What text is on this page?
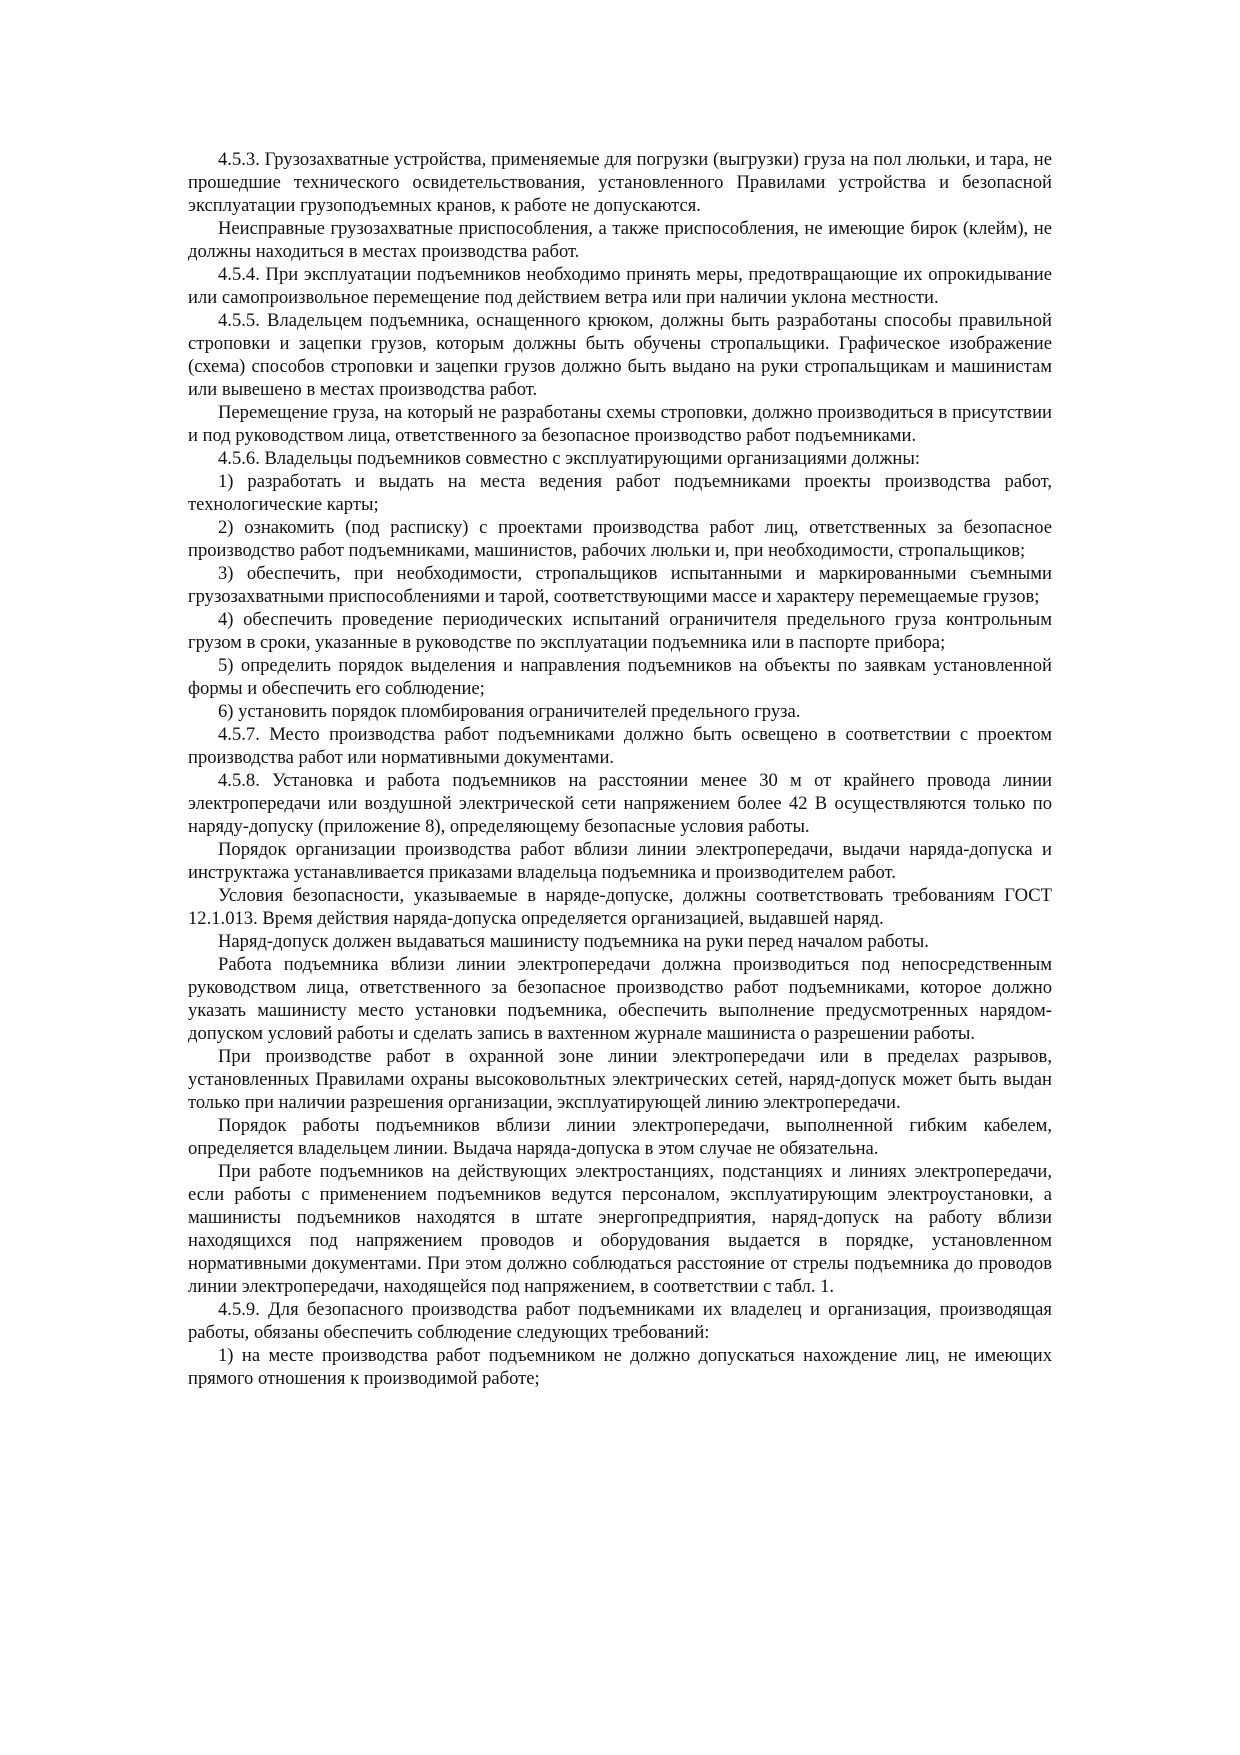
4.5.3. Грузозахватные устройства, применяемые для погрузки (выгрузки) груза на пол люльки, и тара, не прошедшие технического освидетельствования, установленного Правилами устройства и безопасной эксплуатации грузоподъемных кранов, к работе не допускаются.

Неисправные грузозахватные приспособления, а также приспособления, не имеющие бирок (клейм), не должны находиться в местах производства работ.

4.5.4. При эксплуатации подъемников необходимо принять меры, предотвращающие их опрокидывание или самопроизвольное перемещение под действием ветра или при наличии уклона местности.

4.5.5. Владельцем подъемника, оснащенного крюком, должны быть разработаны способы правильной строповки и зацепки грузов, которым должны быть обучены стропальщики. Графическое изображение (схема) способов строповки и зацепки грузов должно быть выдано на руки стропальщикам и машинистам или вывешено в местах производства работ.

Перемещение груза, на который не разработаны схемы строповки, должно производиться в присутствии и под руководством лица, ответственного за безопасное производство работ подъемниками.

4.5.6. Владельцы подъемников совместно с эксплуатирующими организациями должны:

1) разработать и выдать на места ведения работ подъемниками проекты производства работ, технологические карты;

2) ознакомить (под расписку) с проектами производства работ лиц, ответственных за безопасное производство работ подъемниками, машинистов, рабочих люльки и, при необходимости, стропальщиков;

3) обеспечить, при необходимости, стропальщиков испытанными и маркированными съемными грузозахватными приспособлениями и тарой, соответствующими массе и характеру перемещаемые грузов;

4) обеспечить проведение периодических испытаний ограничителя предельного груза контрольным грузом в сроки, указанные в руководстве по эксплуатации подъемника или в паспорте прибора;

5) определить порядок выделения и направления подъемников на объекты по заявкам установленной формы и обеспечить его соблюдение;

6) установить порядок пломбирования ограничителей предельного груза.

4.5.7. Место производства работ подъемниками должно быть освещено в соответствии с проектом производства работ или нормативными документами.

4.5.8. Установка и работа подъемников на расстоянии менее 30 м от крайнего провода линии электропередачи или воздушной электрической сети напряжением более 42 В осуществляются только по наряду-допуску (приложение 8), определяющему безопасные условия работы.

Порядок организации производства работ вблизи линии электропередачи, выдачи наряда-допуска и инструктажа устанавливается приказами владельца подъемника и производителем работ.

Условия безопасности, указываемые в наряде-допуске, должны соответствовать требованиям ГОСТ 12.1.013. Время действия наряда-допуска определяется организацией, выдавшей наряд.

Наряд-допуск должен выдаваться машинисту подъемника на руки перед началом работы.

Работа подъемника вблизи линии электропередачи должна производиться под непосредственным руководством лица, ответственного за безопасное производство работ подъемниками, которое должно указать машинисту место установки подъемника, обеспечить выполнение предусмотренных нарядом-допуском условий работы и сделать запись в вахтенном журнале машиниста о разрешении работы.

При производстве работ в охранной зоне линии электропередачи или в пределах разрывов, установленных Правилами охраны высоковольтных электрических сетей, наряд-допуск может быть выдан только при наличии разрешения организации, эксплуатирующей линию электропередачи.

Порядок работы подъемников вблизи линии электропередачи, выполненной гибким кабелем, определяется владельцем линии. Выдача наряда-допуска в этом случае не обязательна.

При работе подъемников на действующих электростанциях, подстанциях и линиях электропередачи, если работы с применением подъемников ведутся персоналом, эксплуатирующим электроустановки, а машинисты подъемников находятся в штате энергопредприятия, наряд-допуск на работу вблизи находящихся под напряжением проводов и оборудования выдается в порядке, установленном нормативными документами. При этом должно соблюдаться расстояние от стрелы подъемника до проводов линии электропередачи, находящейся под напряжением, в соответствии с табл. 1.

4.5.9. Для безопасного производства работ подъемниками их владелец и организация, производящая работы, обязаны обеспечить соблюдение следующих требований:

1) на месте производства работ подъемником не должно допускаться нахождение лиц, не имеющих прямого отношения к производимой работе;
